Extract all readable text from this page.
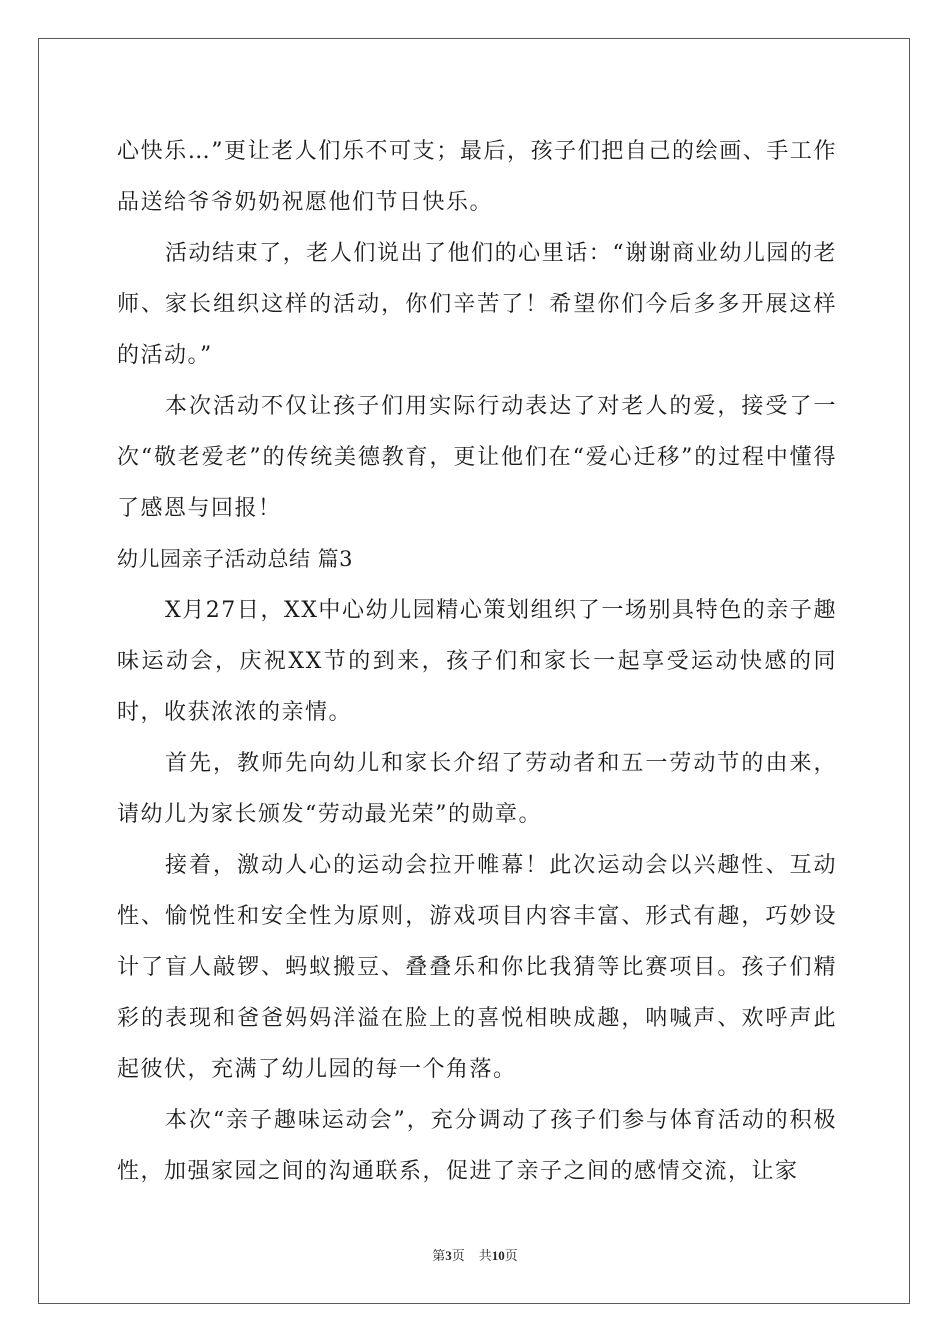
心快乐…”更让老人们乐不可支；最后，孩子们把自己的绘画、手工作品送给爷爷奶奶祝愿他们节日快乐。

活动结束了，老人们说出了他们的心里话：“谢谢商业幼儿园的老师、家长组织这样的活动，你们辛苦了！希望你们今后多多开展这样的活动。”

本次活动不仅让孩子们用实际行动表达了对老人的爱，接受了一次“敬老爱老”的传统美德教育，更让他们在“爱心迁移”的过程中懂得了感恩与回报！

幼儿园亲子活动总结 篇3

X月27日，XX中心幼儿园精心策划组织了一场别具特色的亲子趣味运动会，庆祝XX节的到来，孩子们和家长一起享受运动快感的同时，收获浓浓的亲情。

首先，教师先向幼儿和家长介绍了劳动者和五一劳动节的由来，请幼儿为家长颁发“劳动最光荣”的勋章。

接着，激动人心的运动会拉开帷幕！此次运动会以兴趣性、互动性、愉悦性和安全性为原则，游戏项目内容丰富、形式有趣，巧妙设计了盲人敲锣、蚂蚁搬豆、叠叠乐和你比我猜等比赛项目。孩子们精彩的表现和爸爸妈妈洋溢在脸上的喜悦相映成趣，呐喊声、欢呼声此起彼伏，充满了幼儿园的每一个角落。

本次“亲子趣味运动会”，充分调动了孩子们参与体育活动的积极性，加强家园之间的沟通联系，促进了亲子之间的感情交流，让家

第3页 共10页
